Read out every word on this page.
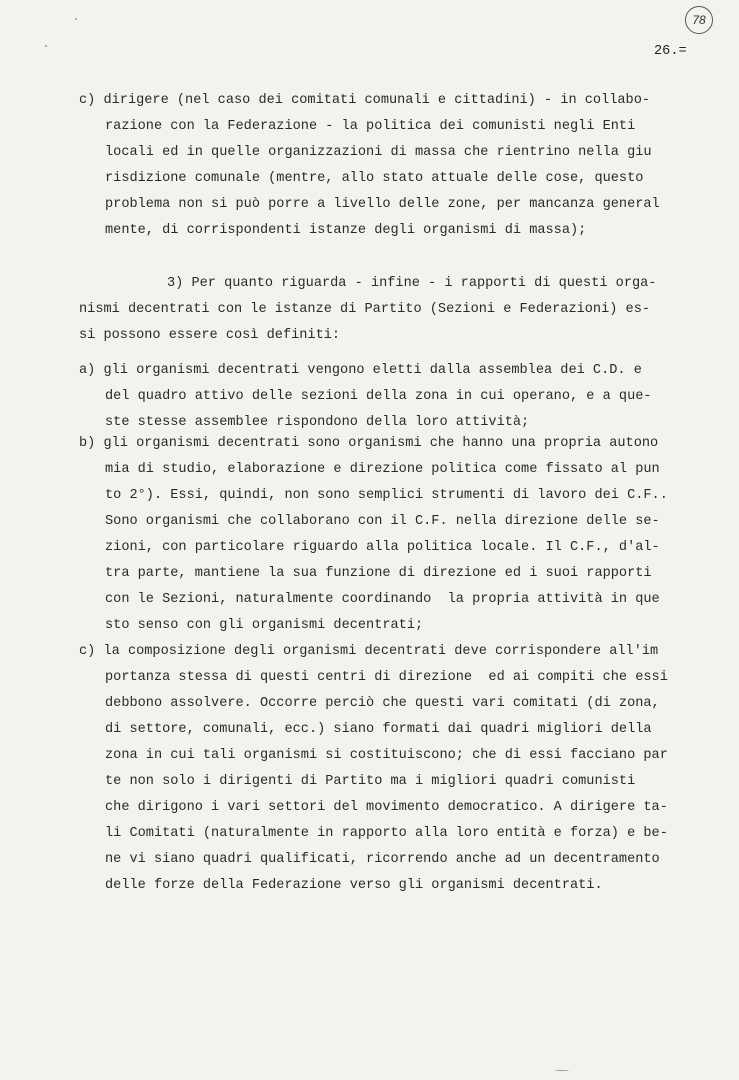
78
26.=
c) dirigere (nel caso dei comitati comunali e cittadini) - in collabo-
razione con la Federazione - la politica dei comunisti negli Enti
locali ed in quelle organizzazioni di massa che rientrino nella giu
risdizione comunale (mentre, allo stato attuale delle cose, questo
problema non si può porre a livello delle zone, per mancanza general
mente, di corrispondenti istanze degli organismi di massa);
3) Per quanto riguarda - infine - i rapporti di questi orga-
nismi decentrati con le istanze di Partito (Sezioni e Federazioni) es-
si possono essere così definiti:
a) gli organismi decentrati vengono eletti dalla assemblea dei C.D. e
del quadro attivo delle sezioni della zona in cui operano, e a que-
ste stesse assemblee rispondono della loro attività;
b) gli organismi decentrati sono organismi che hanno una propria autono
mia di studio, elaborazione e direzione politica come fissato al pun
to 2°). Essi, quindi, non sono semplici strumenti di lavoro dei C.F..
Sono organismi che collaborano con il C.F. nella direzione delle se-
zioni, con particolare riguardo alla politica locale. Il C.F., d'al-
tra parte, mantiene la sua funzione di direzione ed i suoi rapporti
con le Sezioni, naturalmente coordinando  la propria attività in que
sto senso con gli organismi decentrati;
c) la composizione degli organismi decentrati deve corrispondere all'im
portanza stessa di questi centri di direzione  ed ai compiti che essi
debbono assolvere. Occorre perciò che questi vari comitati (di zona,
di settore, comunali, ecc.) siano formati dai quadri migliori della
zona in cui tali organismi si costituiscono; che di essi facciano par
te non solo i dirigenti di Partito ma i migliori quadri comunisti
che dirigono i vari settori del movimento democratico. A dirigere ta-
li Comitati (naturalmente in rapporto alla loro entità e forza) e be-
ne vi siano quadri qualificati, ricorrendo anche ad un decentramento
delle forze della Federazione verso gli organismi decentrati.
